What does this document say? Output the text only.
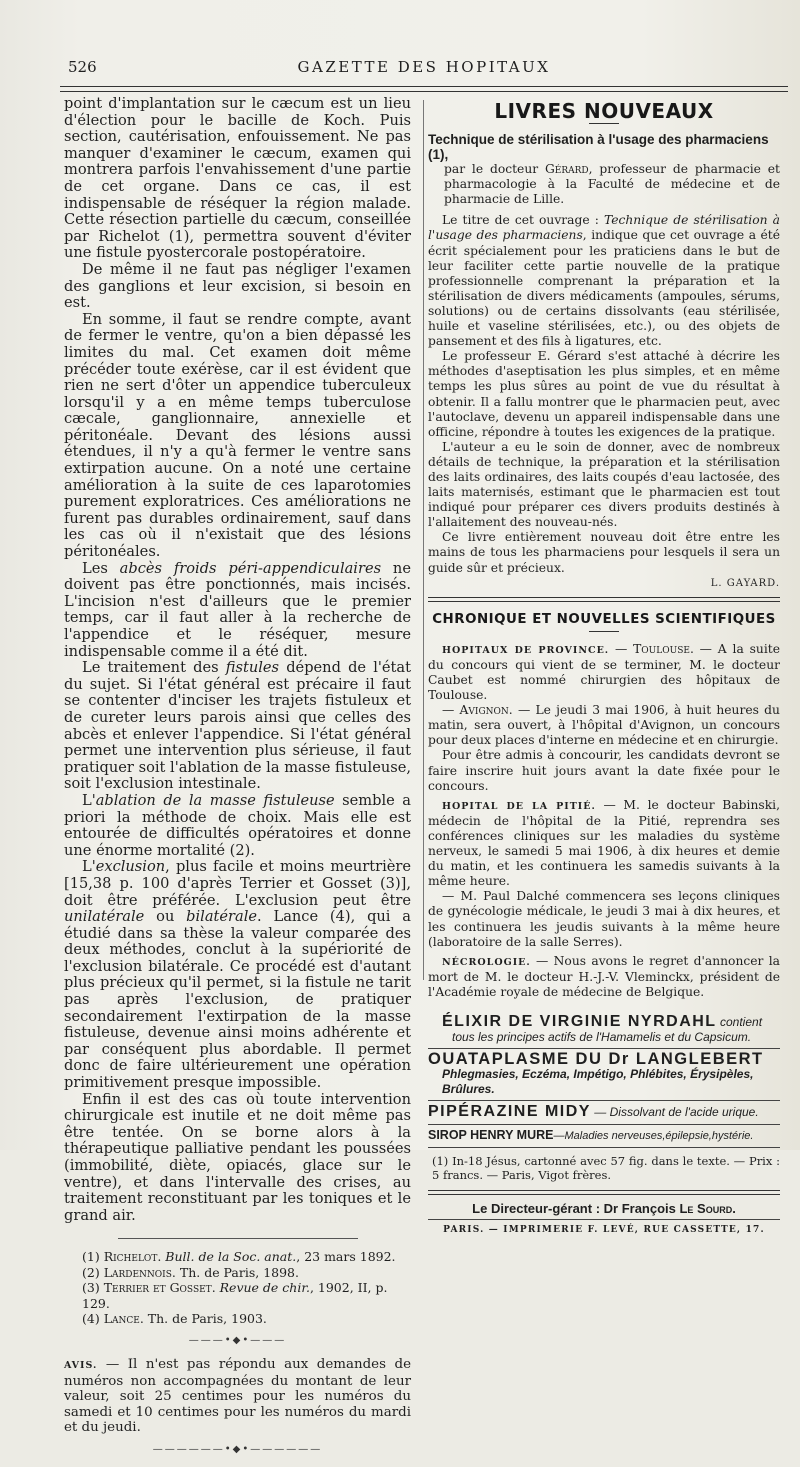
526	GAZETTE DES HOPITAUX

point d'implantation sur le cæcum est un lieu d'élection pour le bacille de Koch. Puis section, cautérisation, enfouissement. Ne pas manquer d'examiner le cæcum, examen qui montrera parfois l'envahissement d'une partie de cet organe. Dans ce cas, il est indispensable de réséquer la région malade. Cette résection partielle du cæcum, conseillée par Richelot (1), permettra souvent d'éviter une fistule pyostercorale postopératoire.

De même il ne faut pas négliger l'examen des ganglions et leur excision, si besoin en est.

En somme, il faut se rendre compte, avant de fermer le ventre, qu'on a bien dépassé les limites du mal. Cet examen doit même précéder toute exérèse, car il est évident que rien ne sert d'ôter un appendice tuberculeux lorsqu'il y a en même temps tuberculose cæcale, ganglionnaire, annexielle et péritonéale. Devant des lésions aussi étendues, il n'y a qu'à fermer le ventre sans extirpation aucune. On a noté une certaine amélioration à la suite de ces laparotomies purement exploratrices. Ces améliorations ne furent pas durables ordinairement, sauf dans les cas où il n'existait que des lésions péritonéales.

Les abcès froids péri-appendiculaires ne doivent pas être ponctionnés, mais incisés. L'incision n'est d'ailleurs que le premier temps, car il faut aller à la recherche de l'appendice et le réséquer, mesure indispensable comme il a été dit.

Le traitement des fistules dépend de l'état du sujet. Si l'état général est précaire il faut se contenter d'inciser les trajets fistuleux et de cureter leurs parois ainsi que celles des abcès et enlever l'appendice. Si l'état général permet une intervention plus sérieuse, il faut pratiquer soit l'ablation de la masse fistuleuse, soit l'exclusion intestinale.

L'ablation de la masse fistuleuse semble a priori la méthode de choix. Mais elle est entourée de difficultés opératoires et donne une énorme mortalité (2).

L'exclusion, plus facile et moins meurtrière [15,38 p. 100 d'après Terrier et Gosset (3)], doit être préférée. L'exclusion peut être unilatérale ou bilatérale. Lance (4), qui a étudié dans sa thèse la valeur comparée des deux méthodes, conclut à la supériorité de l'exclusion bilatérale. Ce procédé est d'autant plus précieux qu'il permet, si la fistule ne tarit pas après l'exclusion, de pratiquer secondairement l'extirpation de la masse fistuleuse, devenue ainsi moins adhérente et par conséquent plus abordable. Il permet donc de faire ultérieurement une opération primitivement presque impossible.

Enfin il est des cas où toute intervention chirurgicale est inutile et ne doit même pas être tentée. On se borne alors à la thérapeutique palliative pendant les poussées (immobilité, diète, opiacés, glace sur le ventre), et dans l'intervalle des crises, au traitement reconstituant par les toniques et le grand air.

(1) Richelot. Bull. de la Soc. anat., 23 mars 1892.
(2) Lardennois. Th. de Paris, 1898.
(3) Terrier et Gosset. Revue de chir., 1902, II, p. 129.
(4) Lance. Th. de Paris, 1903.
———•◆•———

AVIS. — Il n'est pas répondu aux demandes de numéros non accompagnées du montant de leur valeur, soit 25 centimes pour les numéros du samedi et 10 centimes pour les numéros du mardi et du jeudi.

——————•◆•——————
LIVRES NOUVEAUX
Technique de stérilisation à l'usage des pharmaciens (1),

par le docteur Gérard, professeur de pharmacie et pharmacologie à la Faculté de médecine et de pharmacie de Lille.

Le titre de cet ouvrage : Technique de stérilisation à l'usage des pharmaciens, indique que cet ouvrage a été écrit spécialement pour les praticiens dans le but de leur faciliter cette partie nouvelle de la pratique professionnelle comprenant la préparation et la stérilisation de divers médicaments (ampoules, sérums, solutions) ou de certains dissolvants (eau stérilisée, huile et vaseline stérilisées, etc.), ou des objets de pansement et des fils à ligatures, etc.

Le professeur E. Gérard s'est attaché à décrire les méthodes d'aseptisation les plus simples, et en même temps les plus sûres au point de vue du résultat à obtenir. Il a fallu montrer que le pharmacien peut, avec l'autoclave, devenu un appareil indispensable dans une officine, répondre à toutes les exigences de la pratique.

L'auteur a eu le soin de donner, avec de nombreux détails de technique, la préparation et la stérilisation des laits ordinaires, des laits coupés d'eau lactosée, des laits maternisés, estimant que le pharmacien est tout indiqué pour préparer ces divers produits destinés à l'allaitement des nouveau-nés.

Ce livre entièrement nouveau doit être entre les mains de tous les pharmaciens pour lesquels il sera un guide sûr et précieux.

L. GAYARD.
CHRONIQUE ET NOUVELLES SCIENTIFIQUES

HOPITAUX DE PROVINCE. — Toulouse. — A la suite du concours qui vient de se terminer, M. le docteur Caubet est nommé chirurgien des hôpitaux de Toulouse.

— Avignon. — Le jeudi 3 mai 1906, à huit heures du matin, sera ouvert, à l'hôpital d'Avignon, un concours pour deux places d'interne en médecine et en chirurgie.

Pour être admis à concourir, les candidats devront se faire inscrire huit jours avant la date fixée pour le concours.

HOPITAL DE LA PITIÉ. — M. le docteur Babinski, médecin de l'hôpital de la Pitié, reprendra ses conférences cliniques sur les maladies du système nerveux, le samedi 5 mai 1906, à dix heures et demie du matin, et les continuera les samedis suivants à la même heure.

— M. Paul Dalché commencera ses leçons cliniques de gynécologie médicale, le jeudi 3 mai à dix heures, et les continuera les jeudis suivants à la même heure (laboratoire de la salle Serres).

NÉCROLOGIE. — Nous avons le regret d'annoncer la mort de M. le docteur H.-J.-V. Vleminckx, président de l'Académie royale de médecine de Belgique.

ÉLIXIR DE VIRGINIE NYRDAHL contient
tous les principes actifs de l'Hamamelis et du Capsicum.
OUATAPLASME DU Dr LANGLEBERT
Phlegmasies, Eczéma, Impétigo, Phlébites, Érysipèles, Brûlures.
PIPÉRAZINE MIDY — Dissolvant de l'acide urique.
SIROP HENRY MURE—Maladies nerveuses,épilepsie,hystérie.

(1) In-18 Jésus, cartonné avec 57 fig. dans le texte. — Prix : 5 francs. — Paris, Vigot frères.

Le Directeur-gérant : Dr François Le Sourd.
PARIS. — IMPRIMERIE F. LEVÉ, RUE CASSETTE, 17.
